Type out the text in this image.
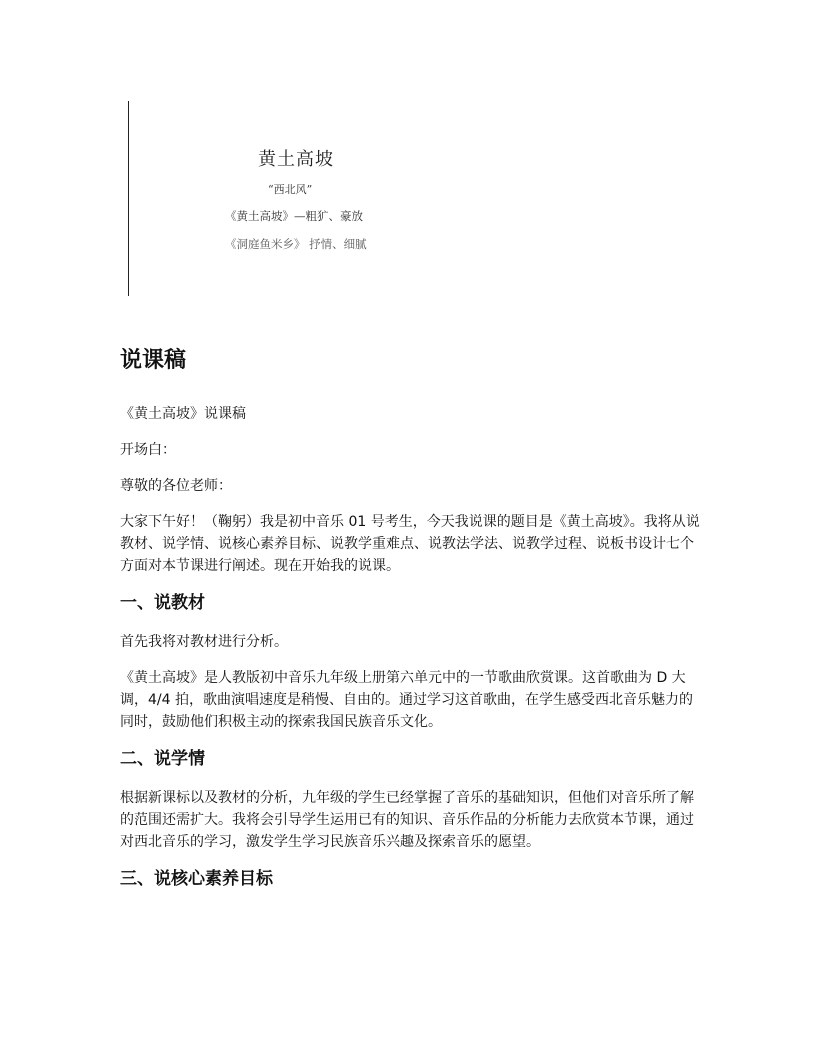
黄土高坡
“西北风”
《黄土高坡》—粗犷、豪放
《洞庭鱼米乡》 抒情、细腻
说课稿

《黄土高坡》说课稿

开场白：

尊敬的各位老师：

大家下午好！（鞠躬）我是初中音乐 01 号考生，今天我说课的题目是《黄土高坡》。我将从说教材、说学情、说核心素养目标、说教学重难点、说教法学法、说教学过程、说板书设计七个方面对本节课进行阐述。现在开始我的说课。

一、说教材

首先我将对教材进行分析。

《黄土高坡》是人教版初中音乐九年级上册第六单元中的一节歌曲欣赏课。这首歌曲为 D 大调，4/4 拍，歌曲演唱速度是稍慢、自由的。通过学习这首歌曲，在学生感受西北音乐魅力的同时，鼓励他们积极主动的探索我国民族音乐文化。

二、说学情

根据新课标以及教材的分析，九年级的学生已经掌握了音乐的基础知识，但他们对音乐所了解的范围还需扩大。我将会引导学生运用已有的知识、音乐作品的分析能力去欣赏本节课，通过对西北音乐的学习，激发学生学习民族音乐兴趣及探索音乐的愿望。

三、说核心素养目标
